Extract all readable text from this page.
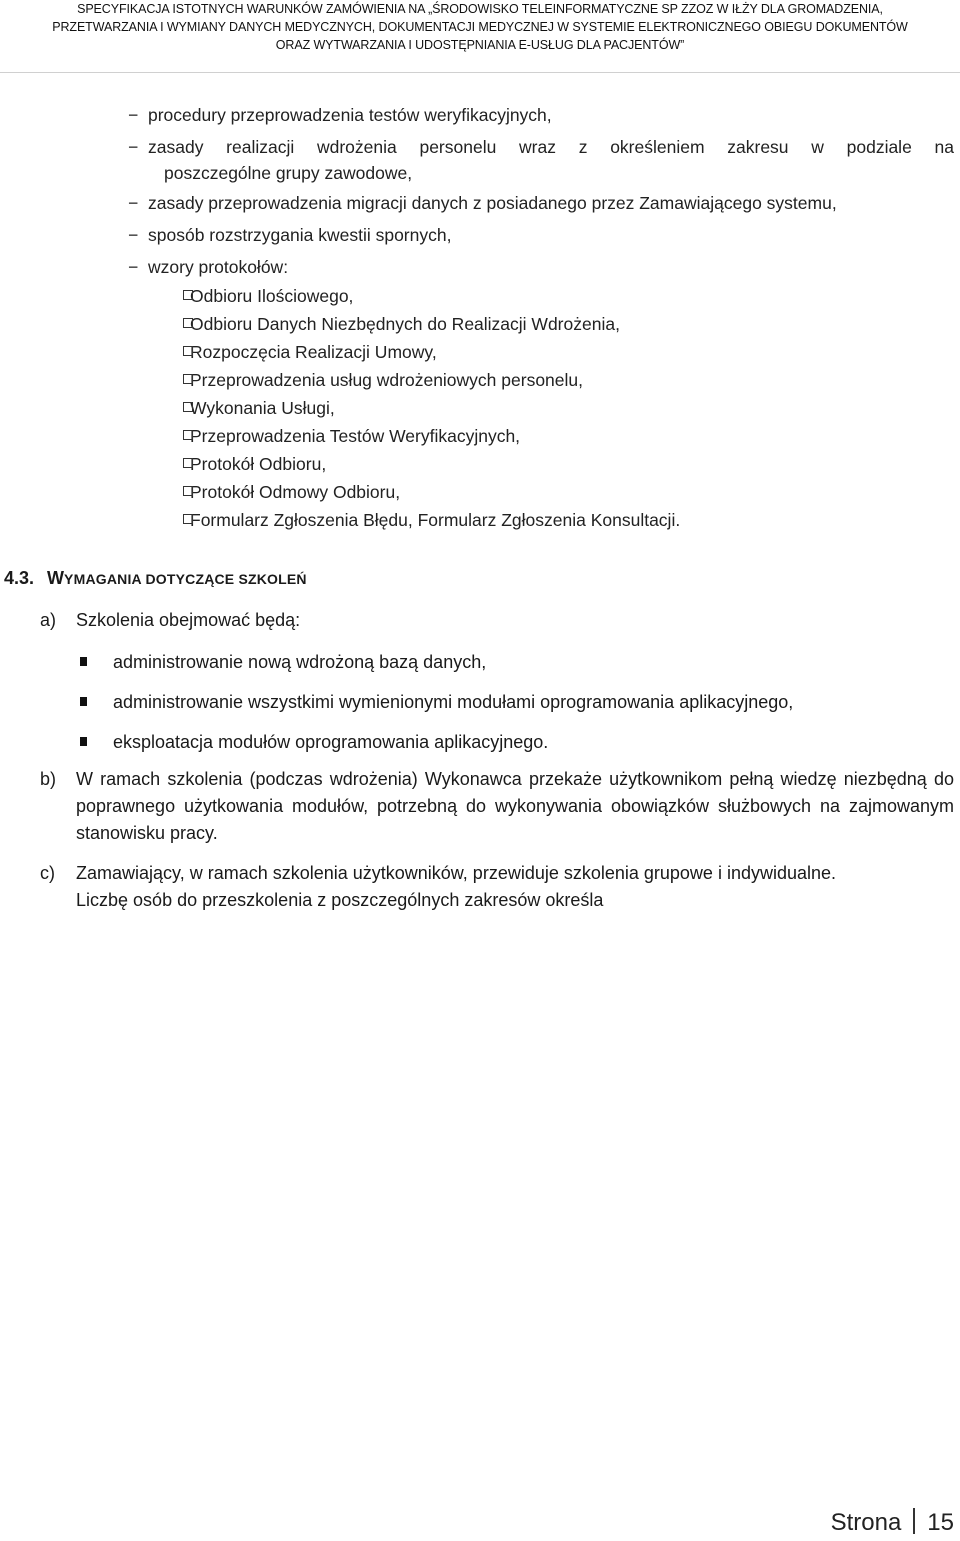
SPECYFIKACJA ISTOTNYCH WARUNKÓW ZAMÓWIENIA NA „ŚRODOWISKO TELEINFORMATYCZNE SP ZZOZ W IŁŻY DLA GROMADZENIA,
PRZETWARZANIA I WYMIANY DANYCH MEDYCZNYCH, DOKUMENTACJI MEDYCZNEJ W SYSTEMIE ELEKTRONICZNEGO OBIEGU DOKUMENTÓW
ORAZ WYTWARZANIA I UDOSTĘPNIANIA E-USŁUG DLA PACJENTÓW”
− procedury przeprowadzenia testów weryfikacyjnych,
− zasady realizacji wdrożenia personelu wraz z określeniem zakresu w podziale na
poszczególne grupy zawodowe,
− zasady przeprowadzenia migracji danych z posiadanego przez Zamawiającego systemu,
− sposób rozstrzygania kwestii spornych,
− wzory protokołów:
Odbioru Ilościowego,
Odbioru Danych Niezbędnych do Realizacji Wdrożenia,
Rozpoczęcia Realizacji Umowy,
Przeprowadzenia usług wdrożeniowych personelu,
Wykonania Usługi,
Przeprowadzenia Testów Weryfikacyjnych,
Protokół Odbioru,
Protokół Odmowy Odbioru,
Formularz Zgłoszenia Błędu, Formularz Zgłoszenia Konsultacji.
4.3. WYMAGANIA DOTYCZĄCE SZKOLEŃ
a) Szkolenia obejmować będą:
administrowanie nową wdrożoną bazą danych,
administrowanie wszystkimi wymienionymi modułami oprogramowania aplikacyjnego,
eksploatacja modułów oprogramowania aplikacyjnego.
b) W ramach szkolenia (podczas wdrożenia) Wykonawca przekaże użytkownikom pełną wiedzę niezbędną do poprawnego użytkowania modułów, potrzebną do wykonywania obowiązków służbowych na zajmowanym stanowisku pracy.
c) Zamawiający, w ramach szkolenia użytkowników, przewiduje szkolenia grupowe i indywidualne.
Liczbę osób do przeszkolenia z poszczególnych zakresów określa
Strona 15
